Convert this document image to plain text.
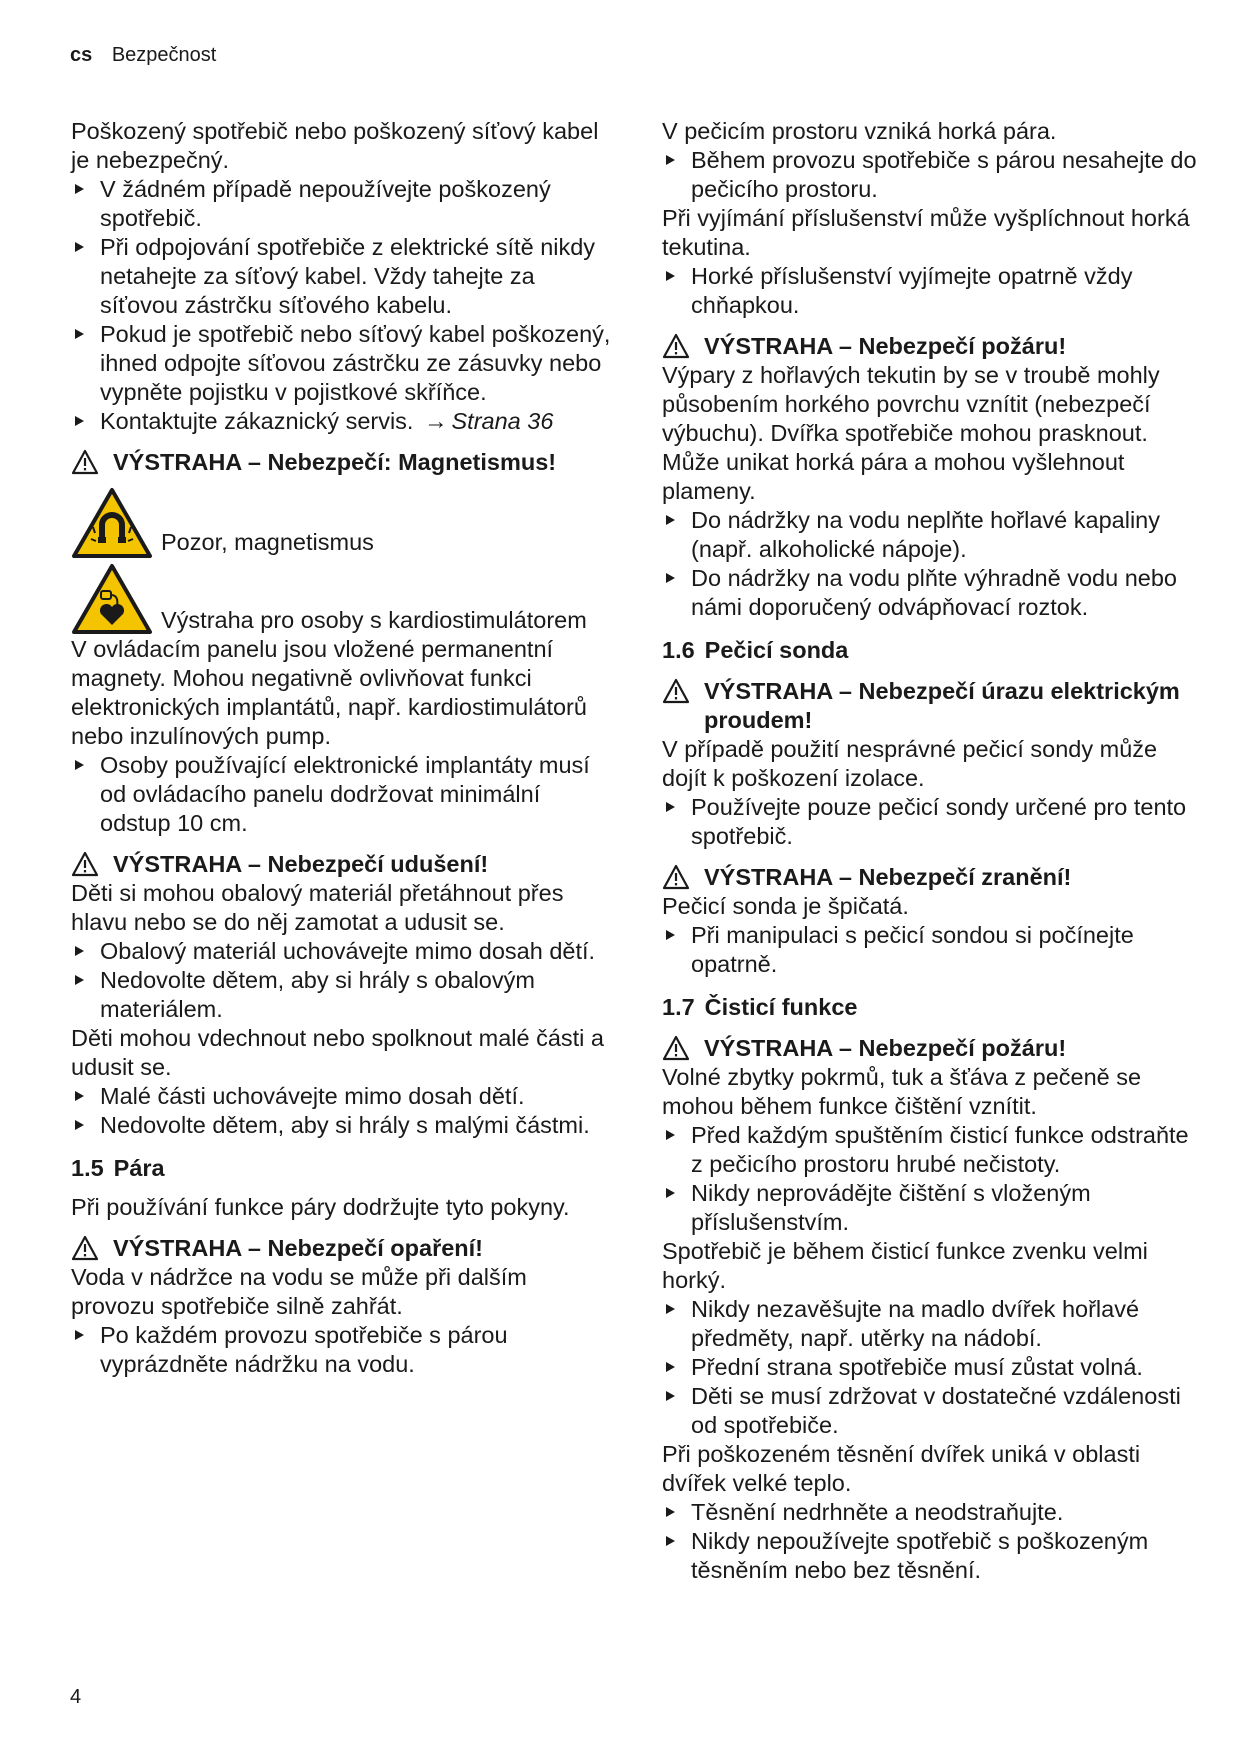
cs Bezpečnost

Poškozený spotřebič nebo poškozený síťový kabel je nebezpečný.

V žádném případě nepoužívejte poškozený spotřebič.

Při odpojování spotřebiče z elektrické sítě nikdy netahejte za síťový kabel. Vždy tahejte za síťovou zástrčku síťového kabelu.

Pokud je spotřebič nebo síťový kabel poškozený, ihned odpojte síťovou zástrčku ze zásuvky nebo vypněte pojistku v pojistkové skříňce.

Kontaktujte zákaznický servis. → Strana 36

VÝSTRAHA – Nebezpečí: Magnetismus!
Pozor, magnetismus
Výstraha pro osoby s kardiostimulátorem

V ovládacím panelu jsou vložené permanentní magnety. Mohou negativně ovlivňovat funkci elektronických implantátů, např. kardiostimulátorů nebo inzulínových pump.

Osoby používající elektronické implantáty musí od ovládacího panelu dodržovat minimální odstup 10 cm.

VÝSTRAHA – Nebezpečí udušení!

Děti si mohou obalový materiál přetáhnout přes hlavu nebo se do něj zamotat a udusit se.

Obalový materiál uchovávejte mimo dosah dětí.

Nedovolte dětem, aby si hrály s obalovým materiálem.

Děti mohou vdechnout nebo spolknout malé části a udusit se.

Malé části uchovávejte mimo dosah dětí.

Nedovolte dětem, aby si hrály s malými částmi.

1.5 Pára

Při používání funkce páry dodržujte tyto pokyny.

VÝSTRAHA – Nebezpečí opaření!

Voda v nádržce na vodu se může při dalším provozu spotřebiče silně zahřát.

Po každém provozu spotřebiče s párou vyprázdněte nádržku na vodu.

V pečicím prostoru vzniká horká pára.

Během provozu spotřebiče s párou nesahejte do pečicího prostoru.

Při vyjímání příslušenství může vyšplíchnout horká tekutina.

Horké příslušenství vyjímejte opatrně vždy chňapkou.

VÝSTRAHA – Nebezpečí požáru!

Výpary z hořlavých tekutin by se v troubě mohly působením horkého povrchu vznítit (nebezpečí výbuchu). Dvířka spotřebiče mohou prasknout. Může unikat horká pára a mohou vyšlehnout plameny.

Do nádržky na vodu neplňte hořlavé kapaliny (např. alkoholické nápoje).

Do nádržky na vodu plňte výhradně vodu nebo námi doporučený odvápňovací roztok.

1.6 Pečicí sonda
VÝSTRAHA – Nebezpečí úrazu elektrickým proudem!

V případě použití nesprávné pečicí sondy může dojít k poškození izolace.

Používejte pouze pečicí sondy určené pro tento spotřebič.

VÝSTRAHA – Nebezpečí zranění!

Pečicí sonda je špičatá.

Při manipulaci s pečicí sondou si počínejte opatrně.

1.7 Čisticí funkce
VÝSTRAHA – Nebezpečí požáru!

Volné zbytky pokrmů, tuk a šťáva z pečeně se mohou během funkce čištění vznítit.

Před každým spuštěním čisticí funkce odstraňte z pečicího prostoru hrubé nečistoty.

Nikdy neprovádějte čištění s vloženým příslušenstvím.

Spotřebič je během čisticí funkce zvenku velmi horký.

Nikdy nezavěšujte na madlo dvířek hořlavé předměty, např. utěrky na nádobí.

Přední strana spotřebiče musí zůstat volná.

Děti se musí zdržovat v dostatečné vzdálenosti od spotřebiče.

Při poškozeném těsnění dvířek uniká v oblasti dvířek velké teplo.

Těsnění nedrhněte a neodstraňujte.

Nikdy nepoužívejte spotřebič s poškozeným těsněním nebo bez těsnění.

4
